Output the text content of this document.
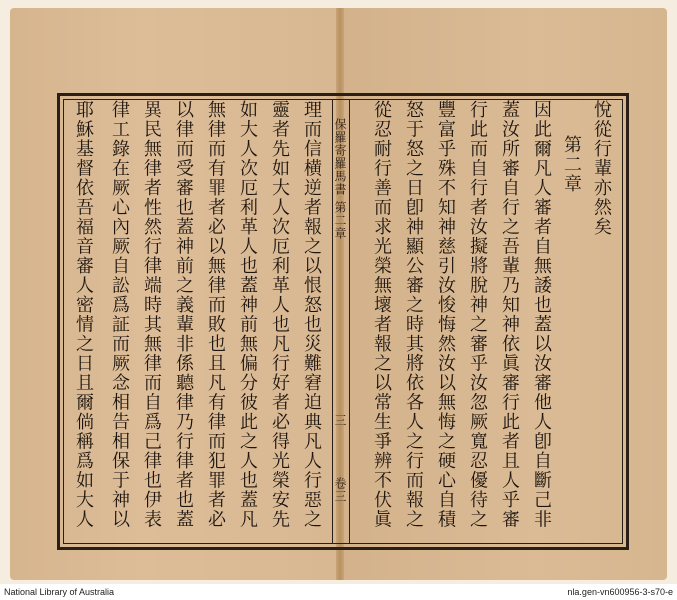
保羅寄羅馬書 第二章
卷三
三
悅從行輩亦然矣
第二章
因此爾凡人審者自無諉也蓋以汝審他人卽自斷己非
蓋汝所審自行之吾輩乃知神依眞審行此者且人乎審
行此而自行者汝擬將脫神之審乎汝忽厥寬忍優待之
豐富乎殊不知神慈引汝悛悔然汝以無悔之硬心自積
怒于怒之日卽神顯公審之時其將依各人之行而報之
從忍耐行善而求光榮無壞者報之以常生爭辨不伏眞
理而信横逆者報之以恨怒也災難窘迫典凡人行惡之
靈者先如大人次厄利革人也凡行好者必得光榮安先
如大人次厄利革人也蓋神前無偏分彼此之人也蓋凡
無律而有罪者必以無律而敗也且凡有律而犯罪者必
以律而受審也蓋神前之義輩非係聽律乃行律者也蓋
異民無律者性然行律端時其無律而自爲己律也伊表
律工錄在厥心內厥自訟爲証而厥念相告相保于神以
耶穌基督依吾福音審人密情之日且爾倘稱爲如大人
National Library of Australia	nla.gen-vn600956-3-s70-e
